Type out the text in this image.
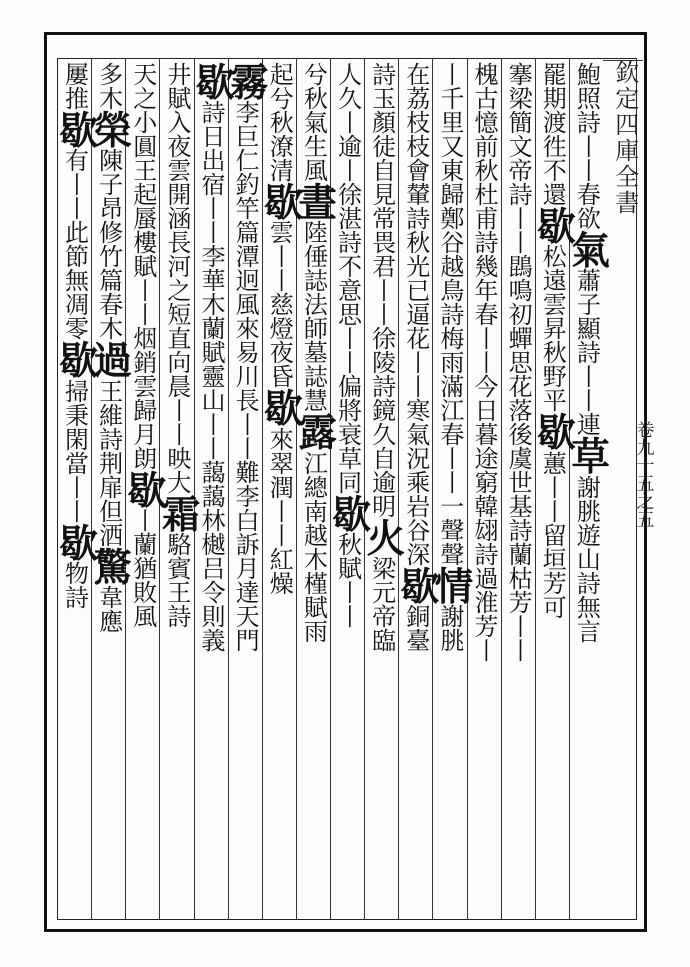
欽定四庫全書
卷九十五之五
鮑照詩丨丨春欲
氣
蕭子顯詩丨丨連
草
謝朓遊山詩無言
罷期渡徃不還
歇
松遠雲昇秋野平
歇
蕙丨丨留垣芳可
搴梁簡文帝詩丨丨鵾鳴初蟬思花落後虞世基詩蘭枯芳丨丨
槐古憶前秋杜甫詩幾年春丨丨今日暮途窮韓翃詩過淮芳丨
丨千里又東歸鄭谷越鳥詩梅雨滿江春丨丨一聲聲
情
謝朓
在荔枝枝會輦詩秋光已逼花丨丨寒氣況乘岩谷深
歇
銅臺
詩玉顏徒自見常畏君丨丨徐陵詩鏡久自逾明
火
梁元帝臨
人久丨逾丨徐湛詩不意思丨丨偏將衰草同
歇
秋賦丨丨
兮秋氣生風
晝
陸倕誌法師墓誌慧
露
江總南越木槿賦雨
起兮秋潦清
歇
雲丨丨慈燈夜昏
歇
來翠潤丨丨紅燥
霧
李巨仁釣竿篇潭迥風來易川長丨丨難李白訴月達天門
歇
詩日出宿丨丨李華木蘭賦靈山丨丨藹藹林樾吕令則義
井賦入夜雲開涵長河之短直向晨丨丨映大
霜
駱賓王詩
天之小圓王起蜃樓賦丨丨烟銷雲歸月朗
歇
丨蘭猶敗風
多木
榮
陳子昂修竹篇春木
過
王維詩荆扉但洒
驚
韋應
屢推
歇
有丨丨此節無凋零
歇
掃秉閑當丨丨
歇
物詩
